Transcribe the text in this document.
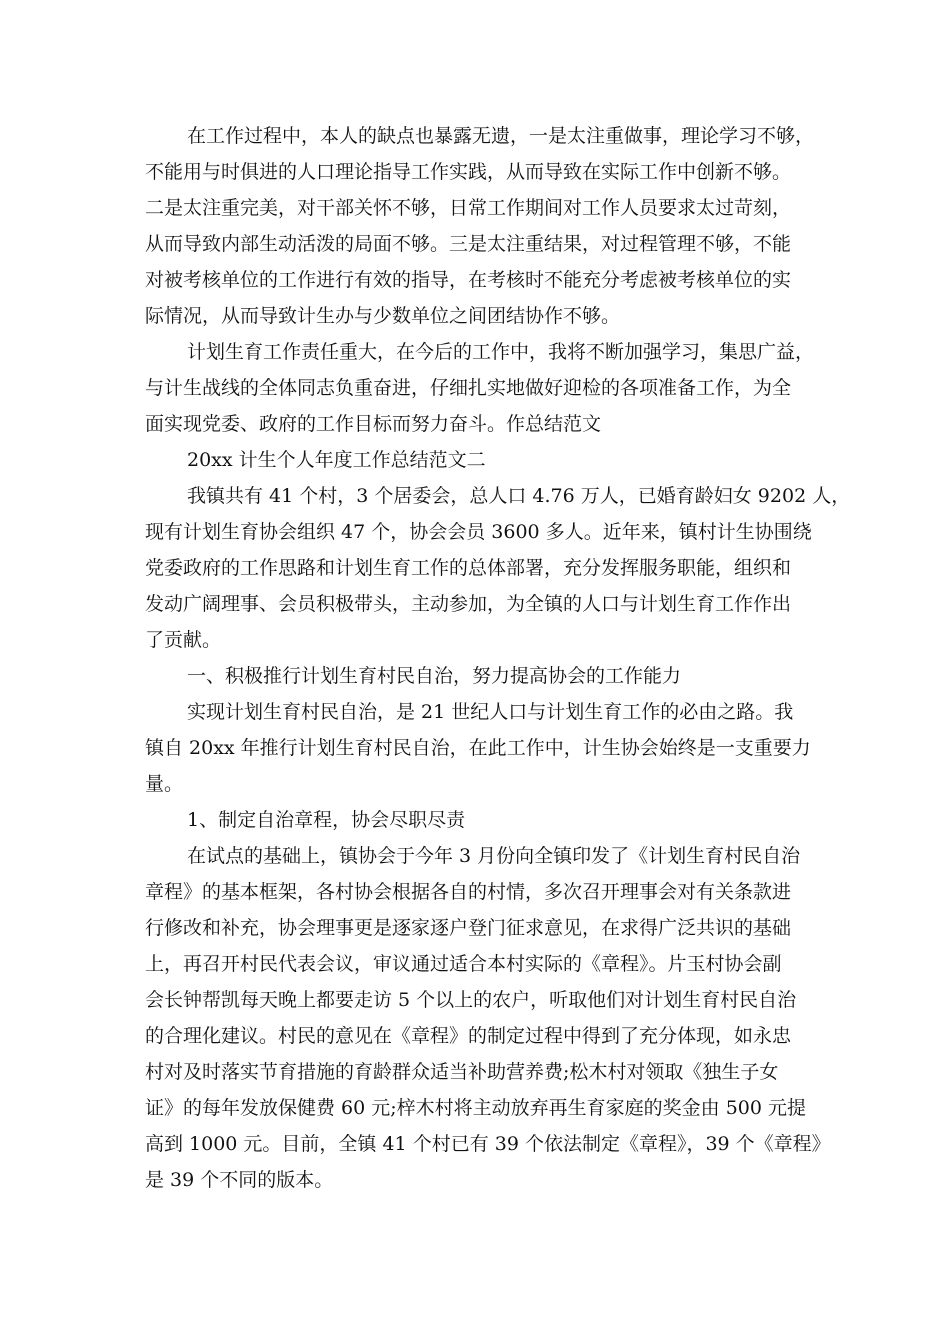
在工作过程中，本人的缺点也暴露无遗，一是太注重做事，理论学习不够，
不能用与时俱进的人口理论指导工作实践，从而导致在实际工作中创新不够。
二是太注重完美，对干部关怀不够，日常工作期间对工作人员要求太过苛刻，
从而导致内部生动活泼的局面不够。三是太注重结果，对过程管理不够，不能
对被考核单位的工作进行有效的指导，在考核时不能充分考虑被考核单位的实
际情况，从而导致计生办与少数单位之间团结协作不够。
计划生育工作责任重大，在今后的工作中，我将不断加强学习，集思广益，
与计生战线的全体同志负重奋进，仔细扎实地做好迎检的各项准备工作，为全
面实现党委、政府的工作目标而努力奋斗。作总结范文
20xx 计生个人年度工作总结范文二
我镇共有 41 个村，3 个居委会，总人口 4.76 万人，已婚育龄妇女 9202 人，
现有计划生育协会组织 47 个，协会会员 3600 多人。近年来，镇村计生协围绕
党委政府的工作思路和计划生育工作的总体部署，充分发挥服务职能，组织和
发动广阔理事、会员积极带头，主动参加，为全镇的人口与计划生育工作作出
了贡献。
一、积极推行计划生育村民自治，努力提高协会的工作能力
实现计划生育村民自治，是 21 世纪人口与计划生育工作的必由之路。我
镇自 20xx 年推行计划生育村民自治，在此工作中，计生协会始终是一支重要力
量。
1、制定自治章程，协会尽职尽责
在试点的基础上，镇协会于今年 3 月份向全镇印发了《计划生育村民自治
章程》的基本框架，各村协会根据各自的村情，多次召开理事会对有关条款进
行修改和补充，协会理事更是逐家逐户登门征求意见，在求得广泛共识的基础
上，再召开村民代表会议，审议通过适合本村实际的《章程》。片玉村协会副
会长钟帮凯每天晚上都要走访 5 个以上的农户，听取他们对计划生育村民自治
的合理化建议。村民的意见在《章程》的制定过程中得到了充分体现，如永忠
村对及时落实节育措施的育龄群众适当补助营养费;松木村对领取《独生子女
证》的每年发放保健费 60 元;梓木村将主动放弃再生育家庭的奖金由 500 元提
高到 1000 元。目前，全镇 41 个村已有 39 个依法制定《章程》，39 个《章程》
是 39 个不同的版本。
